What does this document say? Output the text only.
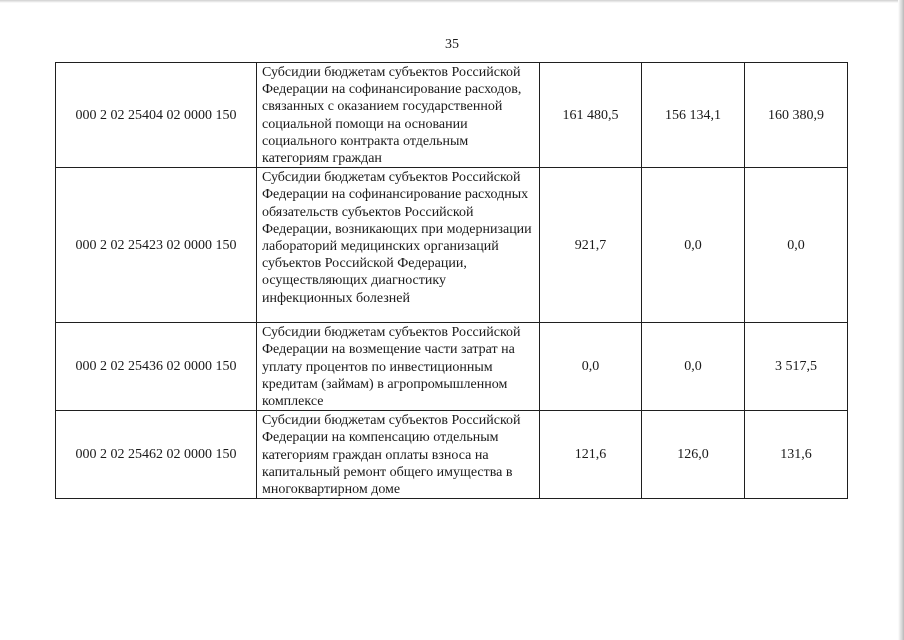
35
000 2 02 25404 02 0000 150	Субсидии бюджетам субъектов Российской Федерации на софинансирование расходов, связанных с оказанием государственной социальной помощи на основании социального контракта отдельным категориям граждан	161 480,5	156 134,1	160 380,9
000 2 02 25423 02 0000 150	Субсидии бюджетам субъектов Российской Федерации на софинансирование расходных обязательств субъектов Российской Федерации, возникающих при модернизации лабораторий медицинских организаций субъектов Российской Федерации, осуществляющих диагностику инфекционных болезней	921,7	0,0	0,0
000 2 02 25436 02 0000 150	Субсидии бюджетам субъектов Российской Федерации на возмещение части затрат на уплату процентов по инвестиционным кредитам (займам) в агропромышленном комплексе	0,0	0,0	3 517,5
000 2 02 25462 02 0000 150	Субсидии бюджетам субъектов Российской Федерации на компенсацию отдельным категориям граждан оплаты взноса на капитальный ремонт общего имущества в многоквартирном доме	121,6	126,0	131,6
